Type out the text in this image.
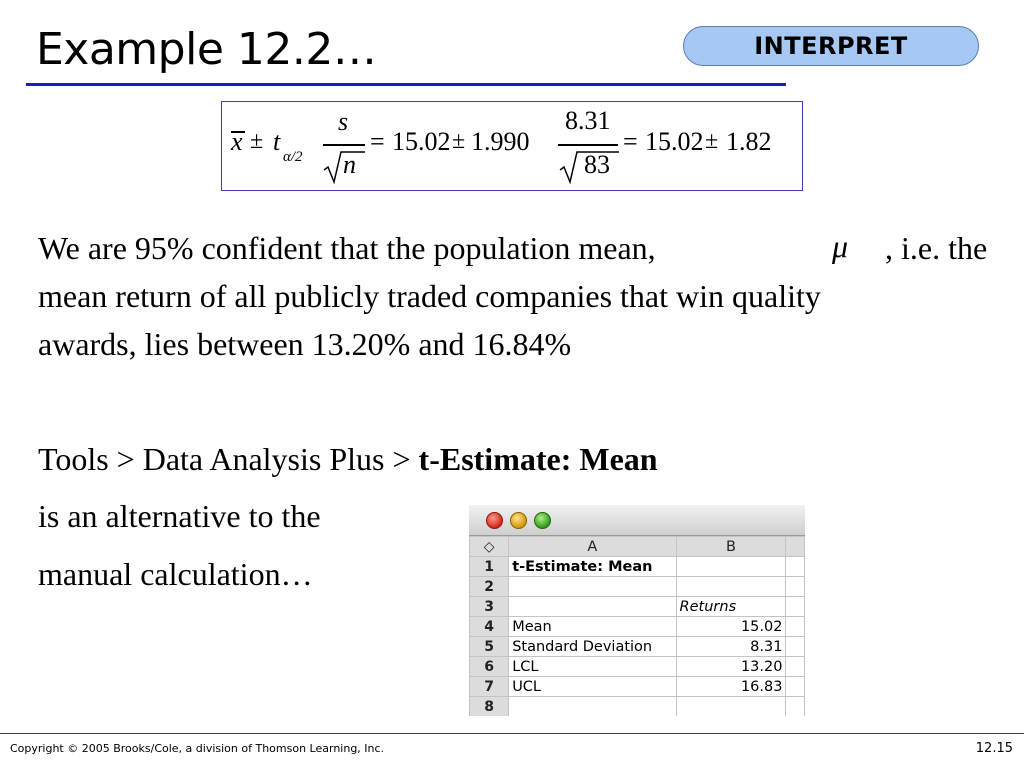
Example 12.2…	INTERPRET
x ± t
α/2
s
n
= 15.02 ± 1.990
8.31
83
= 15.02 ± 1.82
We are 95% confident that the population mean,	μ , i.e. the
mean return of all publicly traded companies that win quality
awards, lies between 13.20% and 16.84%
Tools > Data Analysis Plus > t-Estimate: Mean
is an alternative to the
manual calculation…
◇	A	B	
1	t-Estimate: Mean		
2			
3		Returns	
4	Mean	15.02	
5	Standard Deviation	8.31	
6	LCL	13.20	
7	UCL	16.83	
8			
Copyright © 2005 Brooks/Cole, a division of Thomson Learning, Inc.	12.15
